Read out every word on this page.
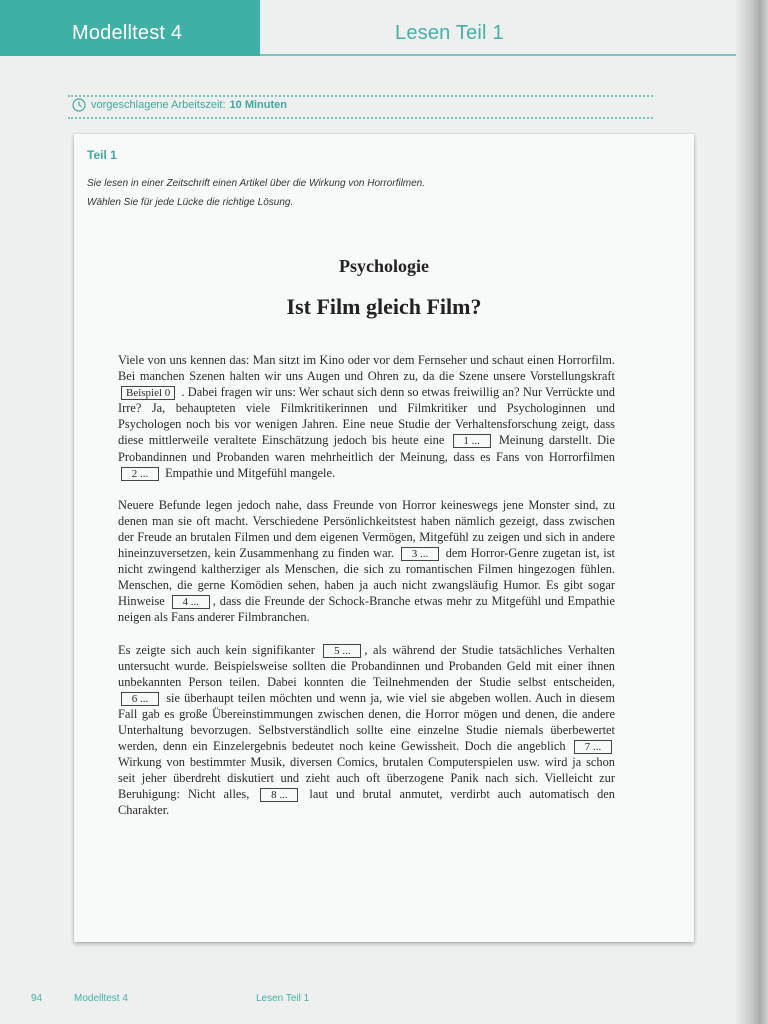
Modelltest 4	Lesen Teil 1
vorgeschlagene Arbeitszeit: 10 Minuten
Teil 1
Sie lesen in einer Zeitschrift einen Artikel über die Wirkung von Horrorfilmen.
Wählen Sie für jede Lücke die richtige Lösung.
Psychologie
Ist Film gleich Film?

Viele von uns kennen das: Man sitzt im Kino oder vor dem Fernseher und schaut einen Horrorfilm. Bei manchen Szenen halten wir uns Augen und Ohren zu, da die Szene unsere Vorstellungskraft Beispiel 0 . Dabei fragen wir uns: Wer schaut sich denn so etwas freiwillig an? Nur Verrückte und Irre? Ja, behaupteten viele Filmkritikerinnen und Filmkritiker und Psychologinnen und Psychologen noch bis vor wenigen Jahren. Eine neue Studie der Verhaltensforschung zeigt, dass diese mittlerweile veraltete Einschätzung jedoch bis heute eine 1 ... Meinung darstellt. Die Probandinnen und Probanden waren mehrheitlich der Meinung, dass es Fans von Horrorfilmen 2 ... Empathie und Mitgefühl mangele.

Neuere Befunde legen jedoch nahe, dass Freunde von Horror keineswegs jene Monster sind, zu denen man sie oft macht. Verschiedene Persönlichkeitstest haben nämlich gezeigt, dass zwischen der Freude an brutalen Filmen und dem eigenen Vermögen, Mitgefühl zu zeigen und sich in andere hineinzuversetzen, kein Zusammenhang zu finden war. 3 ... dem Horror-Genre zugetan ist, ist nicht zwingend kaltherziger als Menschen, die sich zu romantischen Filmen hingezogen fühlen. Menschen, die gerne Komödien sehen, haben ja auch nicht zwangsläufig Humor. Es gibt sogar Hinweise 4 ... , dass die Freunde der Schock-Branche etwas mehr zu Mitgefühl und Empathie neigen als Fans anderer Filmbranchen.

Es zeigte sich auch kein signifikanter 5 ... , als während der Studie tatsächliches Verhalten untersucht wurde. Beispielsweise sollten die Probandinnen und Probanden Geld mit einer ihnen unbekannten Person teilen. Dabei konnten die Teilnehmenden der Studie selbst entscheiden, 6 ... sie überhaupt teilen möchten und wenn ja, wie viel sie abgeben wollen. Auch in diesem Fall gab es große Übereinstimmungen zwischen denen, die Horror mögen und denen, die andere Unterhaltung bevorzugen. Selbstverständlich sollte eine einzelne Studie niemals überbewertet werden, denn ein Einzelergebnis bedeutet noch keine Gewissheit. Doch die angeblich 7 ... Wirkung von bestimmter Musik, diversen Comics, brutalen Computerspielen usw. wird ja schon seit jeher überdreht diskutiert und zieht auch oft überzogene Panik nach sich. Vielleicht zur Beruhigung: Nicht alles, 8 ... laut und brutal anmutet, verdirbt auch automatisch den Charakter.

94	Modelltest 4	Lesen Teil 1
